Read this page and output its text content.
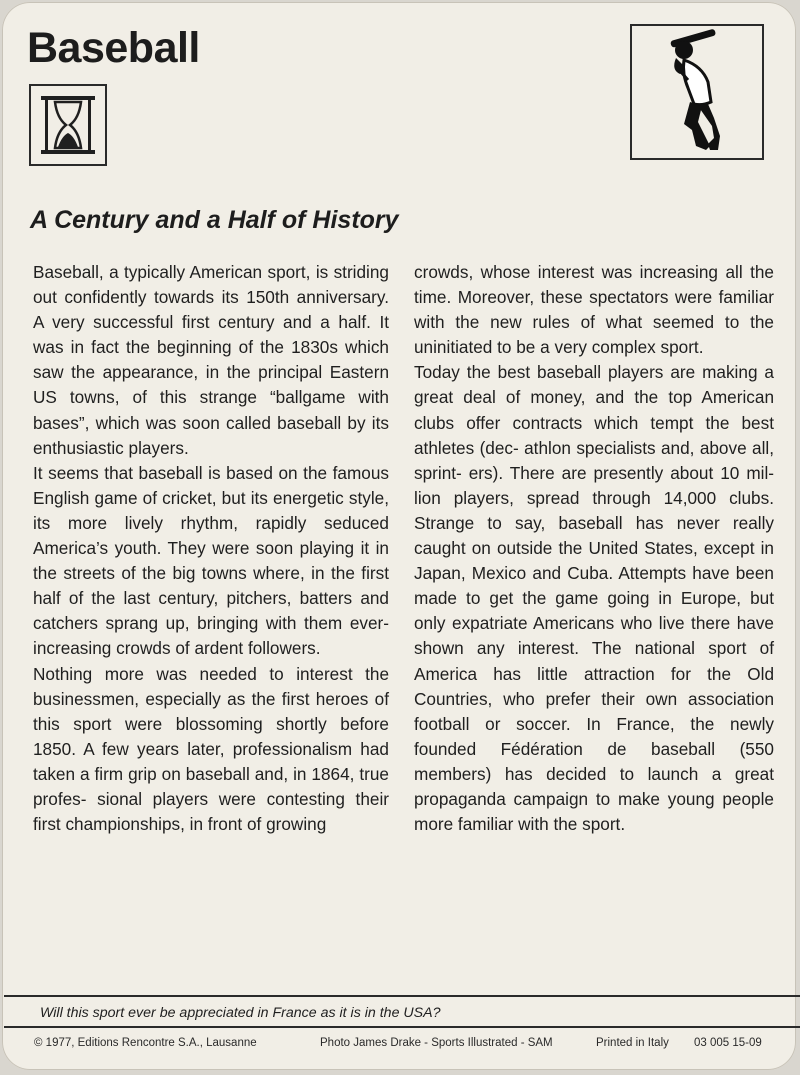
Baseball
A Century and a Half of History

Baseball, a typically American sport, is striding out confidently towards its 150th anniversary. A very successful first century and a half. It was in fact the beginning of the 1830s which saw the appearance, in the principal Eastern US towns, of this strange “ballgame with bases”, which was soon called baseball by its enthusiastic players.

It seems that baseball is based on the famous English game of cricket, but its energetic style, its more lively rhythm, rapidly seduced America’s youth. They were soon playing it in the streets of the big towns where, in the first half of the last century, pitchers, batters and catchers sprang up, bringing with them ever-increasing crowds of ardent followers.

Nothing more was needed to interest the businessmen, especially as the first heroes of this sport were blossoming shortly before 1850. A few years later, professionalism had taken a firm grip on baseball and, in 1864, true profes- sional players were contesting their first championships, in front of growing

crowds, whose interest was increasing all the time. Moreover, these spectators were familiar with the new rules of what seemed to the uninitiated to be a very complex sport.

Today the best baseball players are making a great deal of money, and the top American clubs offer contracts which tempt the best athletes (dec- athlon specialists and, above all, sprint- ers). There are presently about 10 mil- lion players, spread through 14,000 clubs. Strange to say, baseball has never really caught on outside the United States, except in Japan, Mexico and Cuba. Attempts have been made to get the game going in Europe, but only expatriate Americans who live there have shown any interest. The national sport of America has little attraction for the Old Countries, who prefer their own association football or soccer. In France, the newly founded Fédération de baseball (550 members) has decided to launch a great propaganda campaign to make young people more familiar with the sport.

Will this sport ever be appreciated in France as it is in the USA?

© 1977, Editions Rencontre S.A., Lausanne	Photo James Drake - Sports Illustrated - SAM	Printed in Italy 03 005 15-09
